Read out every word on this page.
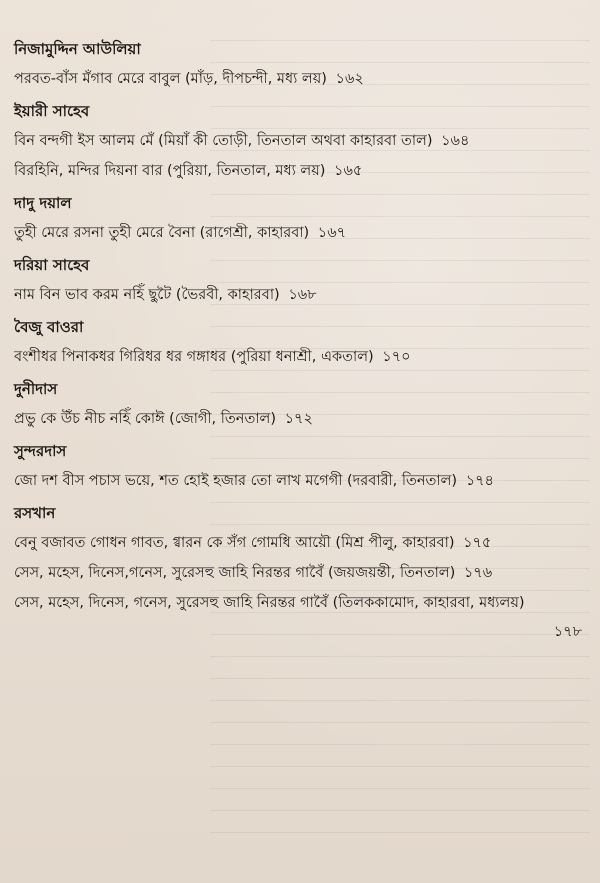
নিজামুদ্দিন আউলিয়া
পরবত-বাঁস মঁগাব মেরে বাবুল (মাঁড়, দীপচন্দী, মধ্য লয়) ১৬২
ইয়ারী সাহেব
বিন বন্দগী ইস আলম মেঁ (মিয়াঁ কী তোড়ী, তিনতাল অথবা কাহারবা তাল) ১৬৪
বিরহিনি, মন্দির দিয়না বার (পুরিয়া, তিনতাল, মধ্য লয়) ১৬৫
দাদু দয়াল
তুহী মেরে রসনা তুহী মেরে বৈনা (রাগেশ্রী, কাহারবা) ১৬৭
দরিয়া সাহেব
নাম বিন ভাব করম নহিঁ ছুটৈ (ভৈরবী, কাহারবা) ১৬৮
বৈজু বাওরা
বংশীধর পিনাকধর গিরিধর ধর গঙ্গাধর (পুরিয়া ধনাশ্রী, একতাল) ১৭০
দুনীদাস
প্রভু কে উঁচ নীচ নহিঁ কোঈ (জোগী, তিনতাল) ১৭২
সুন্দরদাস
জো দশ বীস পচাস ভয়ে, শত হোই হজার তো লাখ মগেগী (দরবারী, তিনতাল) ১৭৪
রসখান
বেনু বজাবত গোধন গাবত, গ্বারন কে সঁগ গোমধি আয়ৌ (মিশ্র পীলু, কাহারবা) ১৭৫
সেস, মহেস, দিনেস,গনেস, সুরেসহু জাহি নিরন্তর গাবৈঁ (জয়জয়ন্তী, তিনতাল) ১৭৬
সেস, মহেস, দিনেস, গনেস, সুরেসহু জাহি নিরন্তর গাবৈঁ (তিলককামোদ, কাহারবা, মধ্যলয়)
১৭৮
